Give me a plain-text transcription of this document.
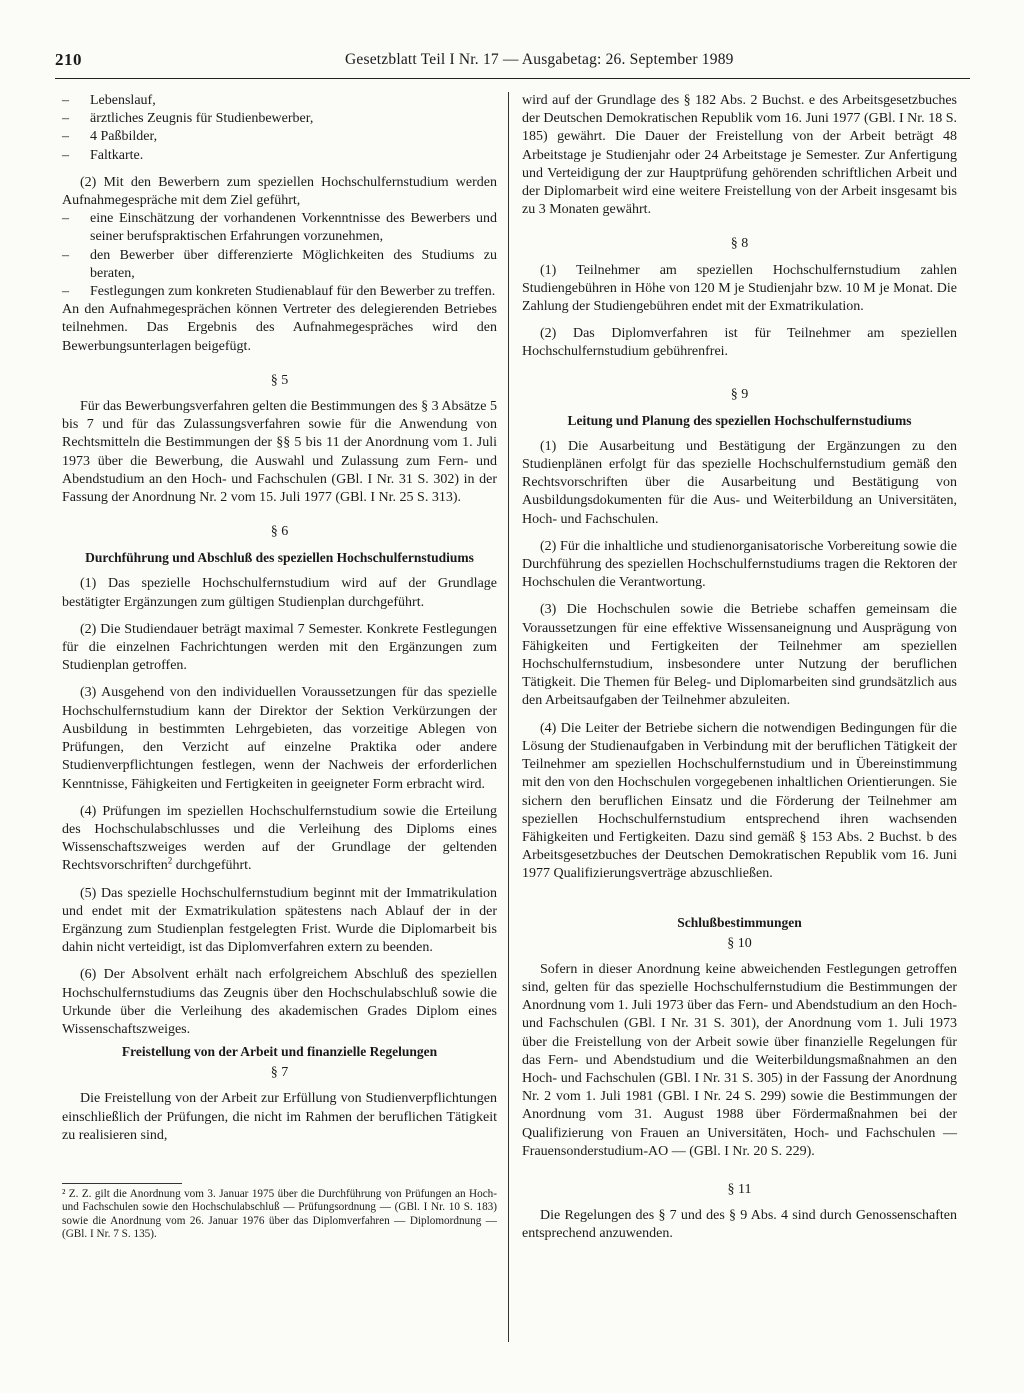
210	Gesetzblatt Teil I Nr. 17 — Ausgabetag: 26. September 1989
– Lebenslauf,
– ärztliches Zeugnis für Studienbewerber,
– 4 Paßbilder,
– Faltkarte.

(2) Mit den Bewerbern zum speziellen Hochschulfernstudium werden Aufnahmegespräche mit dem Ziel geführt,

– eine Einschätzung der vorhandenen Vorkenntnisse des Bewerbers und seiner berufspraktischen Erfahrungen vorzunehmen,
– den Bewerber über differenzierte Möglichkeiten des Studiums zu beraten,
– Festlegungen zum konkreten Studienablauf für den Bewerber zu treffen.

An den Aufnahmegesprächen können Vertreter des delegierenden Betriebes teilnehmen. Das Ergebnis des Aufnahmegespräches wird den Bewerbungsunterlagen beigefügt.

§ 5

Für das Bewerbungsverfahren gelten die Bestimmungen des § 3 Absätze 5 bis 7 und für das Zulassungsverfahren sowie für die Anwendung von Rechtsmitteln die Bestimmungen der §§ 5 bis 11 der Anordnung vom 1. Juli 1973 über die Bewerbung, die Auswahl und Zulassung zum Fern- und Abendstudium an den Hoch- und Fachschulen (GBl. I Nr. 31 S. 302) in der Fassung der Anordnung Nr. 2 vom 15. Juli 1977 (GBl. I Nr. 25 S. 313).

§ 6
Durchführung und Abschluß des speziellen Hochschulfernstudiums

(1) Das spezielle Hochschulfernstudium wird auf der Grundlage bestätigter Ergänzungen zum gültigen Studienplan durchgeführt.

(2) Die Studiendauer beträgt maximal 7 Semester. Konkrete Festlegungen für die einzelnen Fachrichtungen werden mit den Ergänzungen zum Studienplan getroffen.

(3) Ausgehend von den individuellen Voraussetzungen für das spezielle Hochschulfernstudium kann der Direktor der Sektion Verkürzungen der Ausbildung in bestimmten Lehrgebieten, das vorzeitige Ablegen von Prüfungen, den Verzicht auf einzelne Praktika oder andere Studienverpflichtungen festlegen, wenn der Nachweis der erforderlichen Kenntnisse, Fähigkeiten und Fertigkeiten in geeigneter Form erbracht wird.

(4) Prüfungen im speziellen Hochschulfernstudium sowie die Erteilung des Hochschulabschlusses und die Verleihung des Diploms eines Wissenschaftszweiges werden auf der Grundlage der geltenden Rechtsvorschriften$^2$ durchgeführt.

(5) Das spezielle Hochschulfernstudium beginnt mit der Immatrikulation und endet mit der Exmatrikulation spätestens nach Ablauf der in der Ergänzung zum Studienplan festgelegten Frist. Wurde die Diplomarbeit bis dahin nicht verteidigt, ist das Diplomverfahren extern zu beenden.

(6) Der Absolvent erhält nach erfolgreichem Abschluß des speziellen Hochschulfernstudiums das Zeugnis über den Hochschulabschluß sowie die Urkunde über die Verleihung des akademischen Grades Diplom eines Wissenschaftszweiges.

Freistellung von der Arbeit und finanzielle Regelungen
§ 7

Die Freistellung von der Arbeit zur Erfüllung von Studienverpflichtungen einschließlich der Prüfungen, die nicht im Rahmen der beruflichen Tätigkeit zu realisieren sind,

² Z. Z. gilt die Anordnung vom 3. Januar 1975 über die Durchführung von Prüfungen an Hoch- und Fachschulen sowie den Hochschulabschluß — Prüfungsordnung — (GBl. I Nr. 10 S. 183) sowie die Anordnung vom 26. Januar 1976 über das Diplomverfahren — Diplomordnung — (GBl. I Nr. 7 S. 135).

wird auf der Grundlage des § 182 Abs. 2 Buchst. e des Arbeitsgesetzbuches der Deutschen Demokratischen Republik vom 16. Juni 1977 (GBl. I Nr. 18 S. 185) gewährt. Die Dauer der Freistellung von der Arbeit beträgt 48 Arbeitstage je Studienjahr oder 24 Arbeitstage je Semester. Zur Anfertigung und Verteidigung der zur Hauptprüfung gehörenden schriftlichen Arbeit und der Diplomarbeit wird eine weitere Freistellung von der Arbeit insgesamt bis zu 3 Monaten gewährt.

§ 8

(1) Teilnehmer am speziellen Hochschulfernstudium zahlen Studiengebühren in Höhe von 120 M je Studienjahr bzw. 10 M je Monat. Die Zahlung der Studiengebühren endet mit der Exmatrikulation.

(2) Das Diplomverfahren ist für Teilnehmer am speziellen Hochschulfernstudium gebührenfrei.

§ 9
Leitung und Planung des speziellen Hochschulfernstudiums

(1) Die Ausarbeitung und Bestätigung der Ergänzungen zu den Studienplänen erfolgt für das spezielle Hochschulfernstudium gemäß den Rechtsvorschriften über die Ausarbeitung und Bestätigung von Ausbildungsdokumenten für die Aus- und Weiterbildung an Universitäten, Hoch- und Fachschulen.

(2) Für die inhaltliche und studienorganisatorische Vorbereitung sowie die Durchführung des speziellen Hochschulfernstudiums tragen die Rektoren der Hochschulen die Verantwortung.

(3) Die Hochschulen sowie die Betriebe schaffen gemeinsam die Voraussetzungen für eine effektive Wissensaneignung und Ausprägung von Fähigkeiten und Fertigkeiten der Teilnehmer am speziellen Hochschulfernstudium, insbesondere unter Nutzung der beruflichen Tätigkeit. Die Themen für Beleg- und Diplomarbeiten sind grundsätzlich aus den Arbeitsaufgaben der Teilnehmer abzuleiten.

(4) Die Leiter der Betriebe sichern die notwendigen Bedingungen für die Lösung der Studienaufgaben in Verbindung mit der beruflichen Tätigkeit der Teilnehmer am speziellen Hochschulfernstudium und in Übereinstimmung mit den von den Hochschulen vorgegebenen inhaltlichen Orientierungen. Sie sichern den beruflichen Einsatz und die Förderung der Teilnehmer am speziellen Hochschulfernstudium entsprechend ihren wachsenden Fähigkeiten und Fertigkeiten. Dazu sind gemäß § 153 Abs. 2 Buchst. b des Arbeitsgesetzbuches der Deutschen Demokratischen Republik vom 16. Juni 1977 Qualifizierungsverträge abzuschließen.

Schlußbestimmungen
§ 10

Sofern in dieser Anordnung keine abweichenden Festlegungen getroffen sind, gelten für das spezielle Hochschulfernstudium die Bestimmungen der Anordnung vom 1. Juli 1973 über das Fern- und Abendstudium an den Hoch- und Fachschulen (GBl. I Nr. 31 S. 301), der Anordnung vom 1. Juli 1973 über die Freistellung von der Arbeit sowie über finanzielle Regelungen für das Fern- und Abendstudium und die Weiterbildungsmaßnahmen an den Hoch- und Fachschulen (GBl. I Nr. 31 S. 305) in der Fassung der Anordnung Nr. 2 vom 1. Juli 1981 (GBl. I Nr. 24 S. 299) sowie die Bestimmungen der Anordnung vom 31. August 1988 über Fördermaßnahmen bei der Qualifizierung von Frauen an Universitäten, Hoch- und Fachschulen — Frauensonderstudium-AO — (GBl. I Nr. 20 S. 229).

§ 11

Die Regelungen des § 7 und des § 9 Abs. 4 sind durch Genossenschaften entsprechend anzuwenden.
